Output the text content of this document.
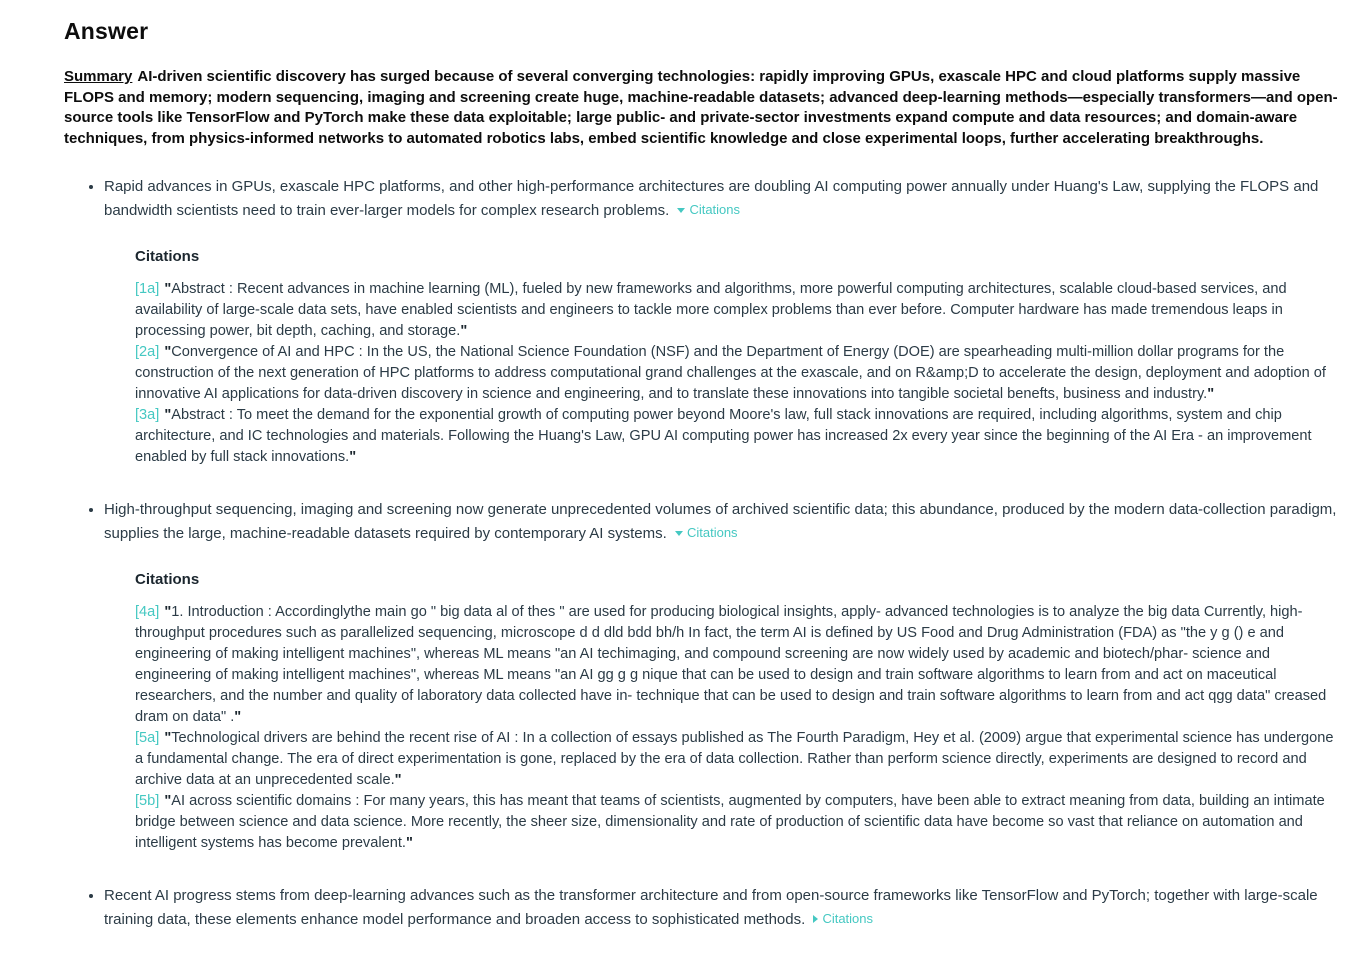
Answer

Summary AI-driven scientific discovery has surged because of several converging technologies: rapidly improving GPUs, exascale HPC and cloud platforms supply massive FLOPS and memory; modern sequencing, imaging and screening create huge, machine-readable datasets; advanced deep-learning methods—especially transformers—and open-source tools like TensorFlow and PyTorch make these data exploitable; large public- and private-sector investments expand compute and data resources; and domain-aware techniques, from physics-informed networks to automated robotics labs, embed scientific knowledge and close experimental loops, further accelerating breakthroughs.

• Rapid advances in GPUs, exascale HPC platforms, and other high-performance architectures are doubling AI computing power annually under Huang's Law, supplying the FLOPS and bandwidth scientists need to train ever-larger models for complex research problems. Citations
Citations
[1a] " Abstract : Recent advances in machine learning (ML), fueled by new frameworks and algorithms, more powerful computing architectures, scalable cloud-based services, and availability of large-scale data sets, have enabled scientists and engineers to tackle more complex problems than ever before. Computer hardware has made tremendous leaps in processing power, bit depth, caching, and storage. "
[2a] " Convergence of AI and HPC : In the US, the National Science Foundation (NSF) and the Department of Energy (DOE) are spearheading multi-million dollar programs for the construction of the next generation of HPC platforms to address computational grand challenges at the exascale, and on R&amp;D to accelerate the design, deployment and adoption of innovative AI applications for data-driven discovery in science and engineering, and to translate these innovations into tangible societal benefts, business and industry. "
[3a] " Abstract : To meet the demand for the exponential growth of computing power beyond Moore's law, full stack innovations are required, including algorithms, system and chip architecture, and IC technologies and materials. Following the Huang's Law, GPU AI computing power has increased 2x every year since the beginning of the AI Era - an improvement enabled by full stack innovations. "
• High-throughput sequencing, imaging and screening now generate unprecedented volumes of archived scientific data; this abundance, produced by the modern data-collection paradigm, supplies the large, machine-readable datasets required by contemporary AI systems. Citations
Citations
[4a] " 1. Introduction : Accordinglythe main go " big data al of thes " are used for producing biological insights, apply- advanced technologies is to analyze the big data Currently, high-throughput procedures such as parallelized sequencing, microscope d d dld bdd bh/h In fact, the term AI is defined by US Food and Drug Administration (FDA) as "the y g () e and engineering of making intelligent machines", whereas ML means "an AI techimaging, and compound screening are now widely used by academic and biotech/phar- science and engineering of making intelligent machines", whereas ML means "an AI gg g g nique that can be used to design and train software algorithms to learn from and act on maceutical researchers, and the number and quality of laboratory data collected have in- technique that can be used to design and train software algorithms to learn from and act qgg data" creased dram on data" . "
[5a] " Technological drivers are behind the recent rise of AI : In a collection of essays published as The Fourth Paradigm, Hey et al. (2009) argue that experimental science has undergone a fundamental change. The era of direct experimentation is gone, replaced by the era of data collection. Rather than perform science directly, experiments are designed to record and archive data at an unprecedented scale. "
[5b] " AI across scientific domains : For many years, this has meant that teams of scientists, augmented by computers, have been able to extract meaning from data, building an intimate bridge between science and data science. More recently, the sheer size, dimensionality and rate of production of scientific data have become so vast that reliance on automation and intelligent systems has become prevalent. "
• Recent AI progress stems from deep-learning advances such as the transformer architecture and from open-source frameworks like TensorFlow and PyTorch; together with large-scale training data, these elements enhance model performance and broaden access to sophisticated methods. Citations
